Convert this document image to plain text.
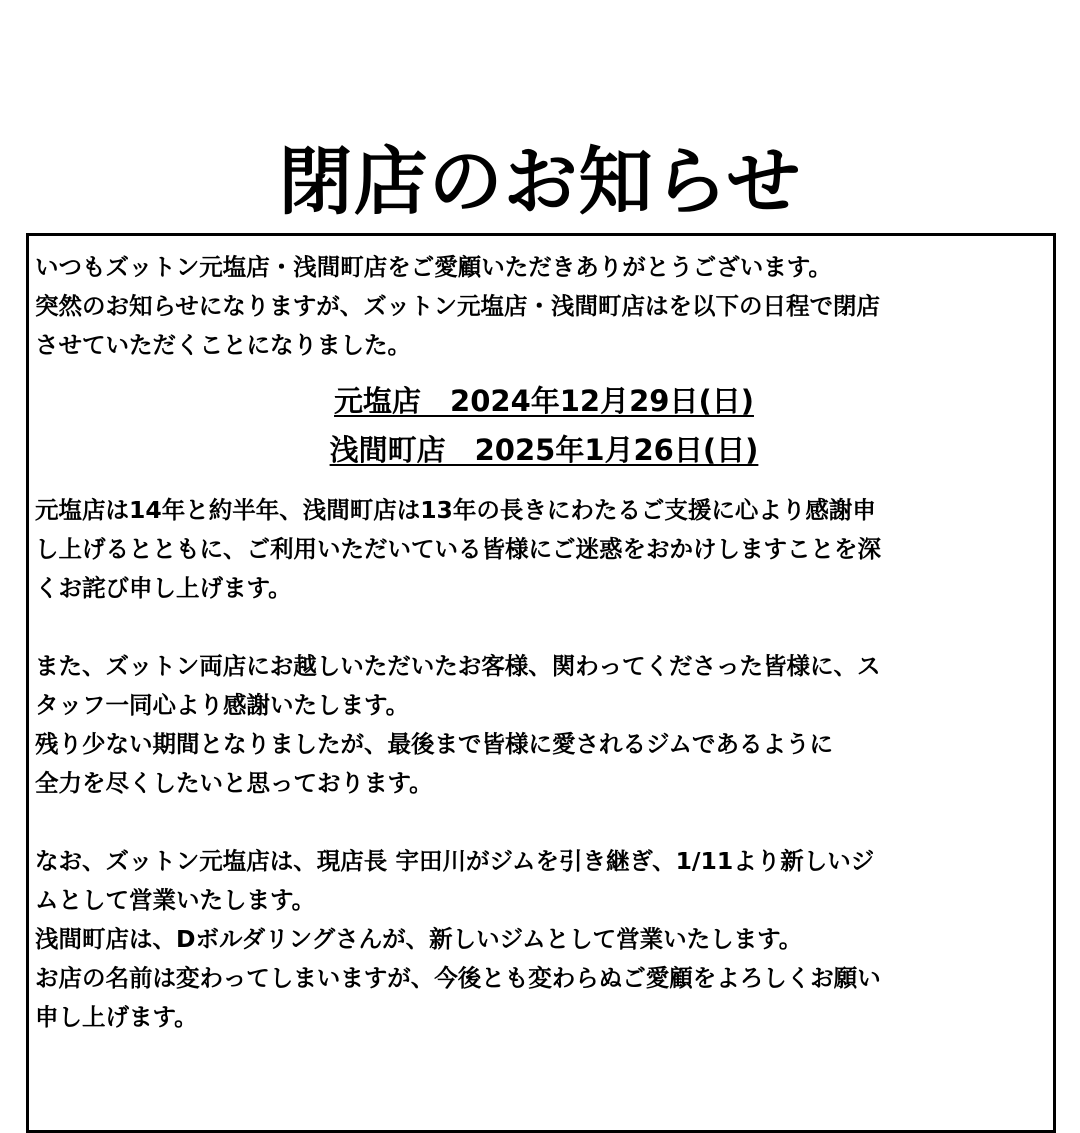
閉店のお知らせ

いつもズットン元塩店・浅間町店をご愛顧いただきありがとうございます。
突然のお知らせになりますが、ズットン元塩店・浅間町店はを以下の日程で閉店
させていただくことになりました。

元塩店　2024年12月29日(日)
浅間町店　2025年1月26日(日)

元塩店は14年と約半年、浅間町店は13年の長きにわたるご支援に心より感謝申
し上げるとともに、ご利用いただいている皆様にご迷惑をおかけしますことを深
くお詫び申し上げます。

また、ズットン両店にお越しいただいたお客様、関わってくださった皆様に、ス
タッフ一同心より感謝いたします。
残り少ない期間となりましたが、最後まで皆様に愛されるジムであるように
全力を尽くしたいと思っております。

なお、ズットン元塩店は、現店長 宇田川がジムを引き継ぎ、1/11より新しいジ
ムとして営業いたします。
浅間町店は、Dボルダリングさんが、新しいジムとして営業いたします。
お店の名前は変わってしまいますが、今後とも変わらぬご愛顧をよろしくお願い
申し上げます。
